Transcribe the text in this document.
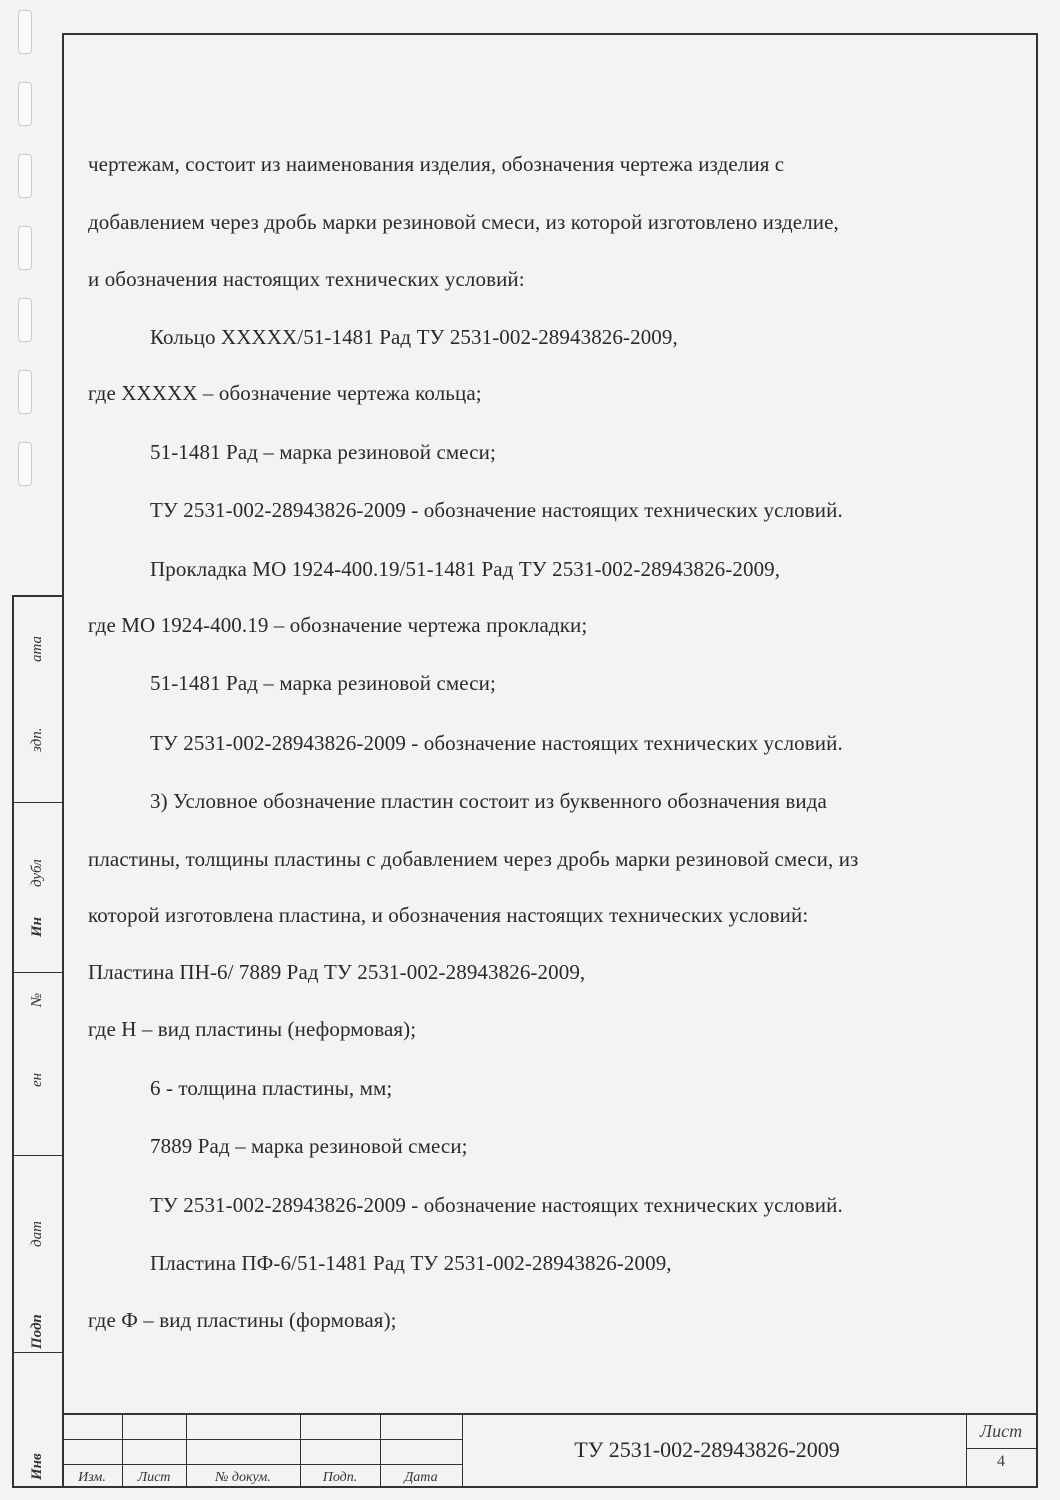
Инв
Подп
дат
ен
№
Ин
дубл
здп.
ата
чертежам, состоит из наименования изделия, обозначения чертежа изделия с
добавлением через дробь марки резиновой смеси, из которой изготовлено изделие,
и обозначения настоящих технических условий:
Кольцо XXXXX/51-1481 Рад ТУ 2531-002-28943826-2009,
где XXXXX – обозначение чертежа кольца;
51-1481 Рад – марка резиновой смеси;
ТУ 2531-002-28943826-2009 - обозначение настоящих технических условий.
Прокладка МО 1924-400.19/51-1481 Рад ТУ 2531-002-28943826-2009,
где МО 1924-400.19 – обозначение чертежа прокладки;
51-1481 Рад – марка резиновой смеси;
ТУ 2531-002-28943826-2009 - обозначение настоящих технических условий.
3) Условное обозначение пластин состоит из буквенного обозначения вида
пластины, толщины пластины с добавлением через дробь марки резиновой смеси, из
которой изготовлена пластина, и обозначения настоящих технических условий:
Пластина ПН-6/ 7889 Рад ТУ 2531-002-28943826-2009,
где Н – вид пластины (неформовая);
6 - толщина пластины, мм;
7889 Рад – марка резиновой смеси;
ТУ 2531-002-28943826-2009 - обозначение настоящих технических условий.
Пластина ПФ-6/51-1481 Рад ТУ 2531-002-28943826-2009,
где Ф – вид пластины (формовая);
Изм.	Лист	№ докум.	Подп.	Дата
ТУ 2531-002-28943826-2009
Лист
4
